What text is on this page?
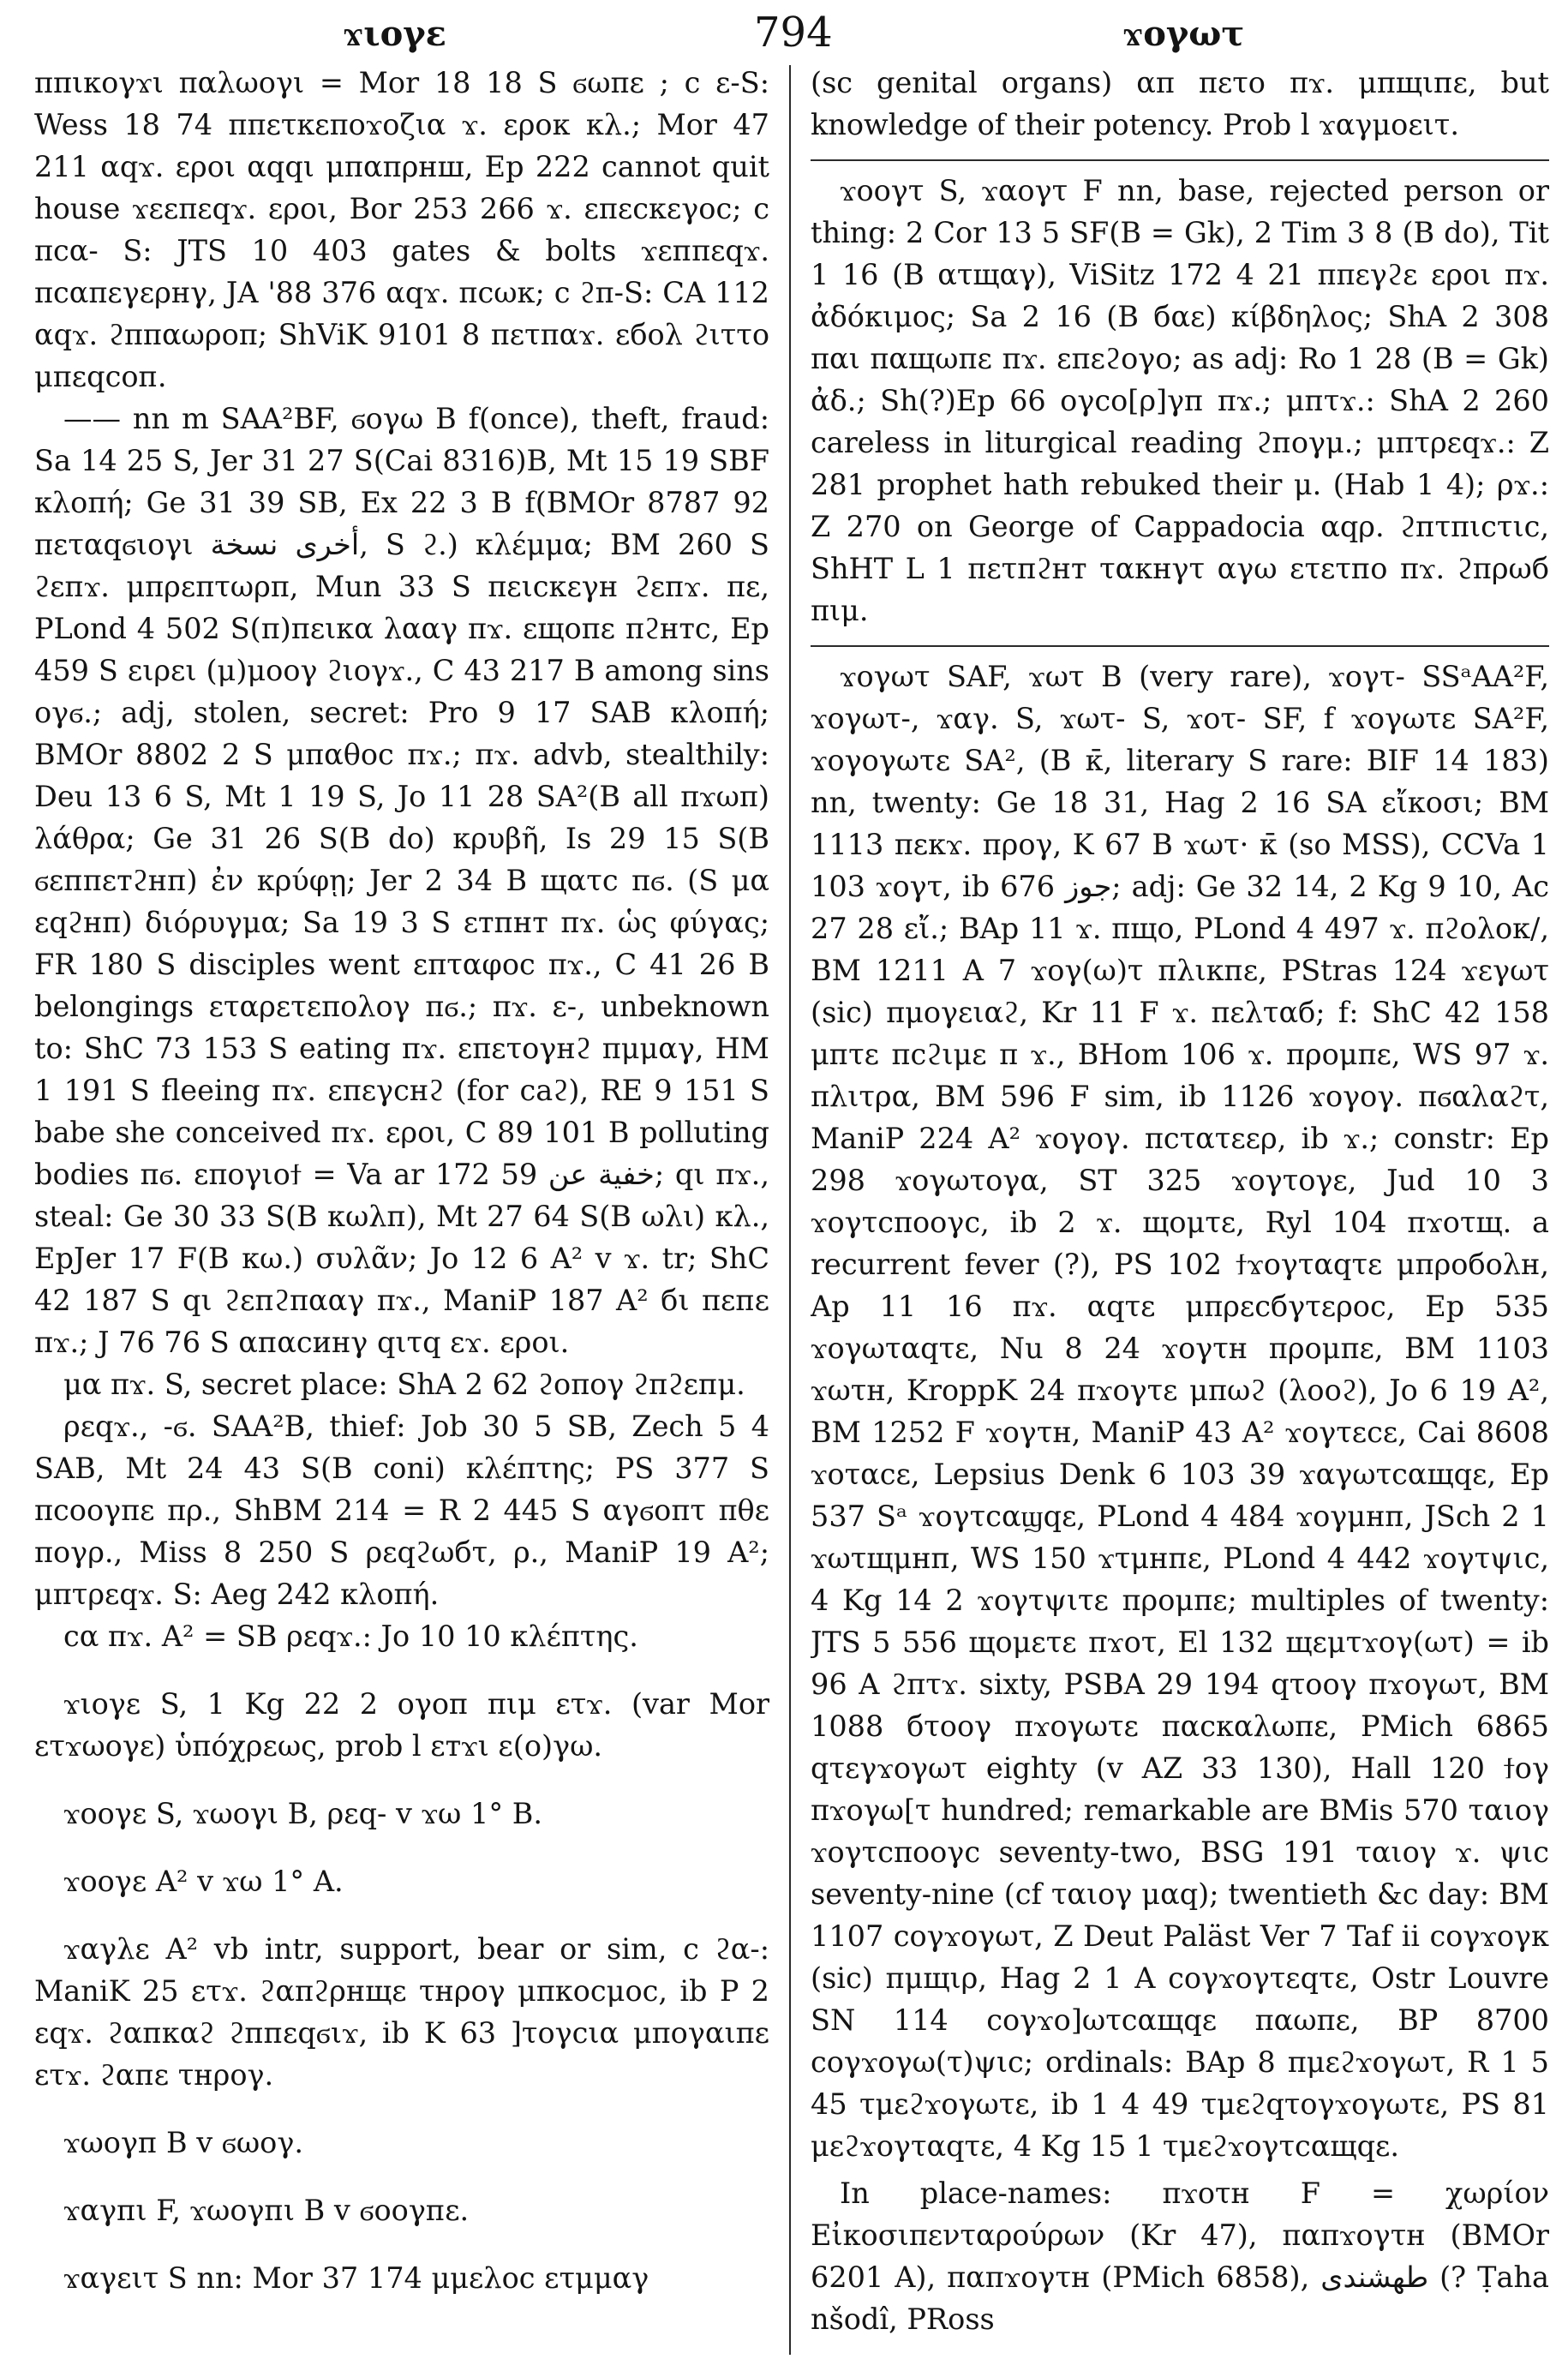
ϫιογε	794	ϫογωτ

ππικογϫι παλωογι = Mor 18 18 S ϭωπε ; c ε-S: Wess 18 74 ππετκεποϫοζια ϫ. εροκ κλ.; Mor 47 211 αqϫ. εροι αqqι μπαπρнш, Ep 222 cannot quit house ϫεεπεqϫ. εροι, Bor 253 266 ϫ. επεcκεγοc; c πcα- S: JTS 10 403 gates & bolts ϫεпπεqϫ. πcαπεγερнγ, JA '88 376 αqϫ. πcωκ; c ϩπ-S: CA 112 αqϫ. ϩππαωροπ; ShViK 9101 8 πετπαϫ. εбоλ ϩιττο μπεqcοп.

—— nn m SAA²BF, ϭογω B f(once), theft, fraud: Sa 14 25 S, Jer 31 27 S(Cai 8316)B, Mt 15 19 SBF κλοπή; Ge 31 39 SB, Ex 22 3 B f(BMOr 8787 92 πεταqϭιογι أخرى نسخة, S ϩ.) κλέμμα; BM 260 S ϩεпϫ. μπρεπτωρπ, Mun 33 S πειcκεγн ϩεпϫ. πε, PLond 4 502 S(π)πεικα λααγ πϫ. εщοπε πϩнтс, Ep 459 S ειρει (μ)μοογ ϩιογϫ., C 43 217 B among sins ογϭ.; adj, stolen, secret: Pro 9 17 SAB κλοπή; BMOr 8802 2 S μπαθοc πϫ.; πϫ. advb, stealthily: Deu 13 6 S, Mt 1 19 S, Jo 11 28 SA²(B all πϫωπ) λάθρα; Ge 31 26 S(B do) κρυβῆ, Is 29 15 S(B ϭεпπεтϩнп) ἐν κρύφῃ; Jer 2 34 B щατc πϭ. (S μα εqϩнп) διόρυγμα; Sa 19 3 S εтпнт πϫ. ὡς φύγας; FR 180 S disciples went επταφοc πϫ., C 41 26 B belongings εταρετεπολογ πϭ.; πϫ. ε-, unbeknown to: ShC 73 153 S eating πϫ. επετογнϩ πμμαγ, HM 1 191 S fleeing πϫ. επεγcнϩ (for caϩ), RE 9 151 S babe she conceived πϫ. εροι, C 89 101 B polluting bodies πϭ. επογιοϯ = Va ar 172 59 خفية عن; qι πϫ., steal: Ge 30 33 S(B κωλп), Mt 27 64 S(B ωλι) κλ., EpJer 17 F(B κω.) συλᾶν; Jo 12 6 A² v ϫ. tr; ShC 42 187 S qι ϩεпϩπααγ πϫ., ManiP 187 A² бι πεпε πϫ.; J 76 76 S αпαcинγ qιτq εϫ. εροι.

μα πϫ. S, secret place: ShA 2 62 ϩοπογ ϩпϩεпμ.

ρεqϫ., -ϭ. SAA²B, thief: Job 30 5 SB, Zech 5 4 SAB, Mt 24 43 S(B coni) κλέπτης; PS 377 S πcοογπε πρ., ShBM 214 = R 2 445 S αγϭοπτ πθε πογρ., Miss 8 250 S ρεqϩωбτ, ρ., ManiP 19 A²; μπτρεqϫ. S: Aeg 242 κλοπή.

cα πϫ. A² = SB ρεqϫ.: Jo 10 10 κλέπτης.

ϫιογε S, 1 Kg 22 2 ογοп πιμ ετϫ. (var Mor ετϫωογε) ὑπόχρεως, prob l εтϫι ε(ο)γω.

ϫοογε S, ϫωογι B, ρεq- v ϫω 1° B.

ϫοογε A² v ϫω 1° A.

ϫαγλε A² vb intr, support, bear or sim, c ϩα-: ManiK 25 ετϫ. ϩαπϩρнщε τнρογ μπκοcμοc, ib P 2 εqϫ. ϩαпκαϩ ϩппεqϭιϫ, ib K 63 ]τογcια μπογαιπε ετϫ. ϩαпε τнρογ.

ϫωογп B v ϭωογ.

ϫαγпι F, ϫωογпι B v ϭοογпε.

ϫαγειτ S nn: Mor 37 174 μμελοc ετμμαγ

(sc genital organs) απ πετο πϫ. μπщιпε, but knowledge of their potency. Prob l ϫαγμοειτ.

ϫοογτ S, ϫαογτ F nn, base, rejected person or thing: 2 Cor 13 5 SF(B = Gk), 2 Tim 3 8 (B do), Tit 1 16 (B ατщαγ), ViSitz 172 4 21 ππεγϩε εροι πϫ. ἀδόκιμος; Sa 2 16 (B бαε) κίβδηλος; ShA 2 308 παι παщωπε πϫ. επεϩογο; as adj: Ro 1 28 (B = Gk) ἀδ.; Sh(?)Ep 66 ογcο[ρ]γп πϫ.; μпτϫ.: ShA 2 260 careless in liturgical reading ϩпογμ.; μπτρεqϫ.: Z 281 prophet hath rebuked their μ. (Hab 1 4); ρϫ.: Z 270 on George of Cappadocia αqρ. ϩпτπιcτιc, ShHT L 1 πετпϩнт τακнγτ αγω ετετпο πϫ. ϩπρωб πιμ.

ϫογωτ SAF, ϫωτ B (very rare), ϫογτ- SSᵃAA²F, ϫογωτ-, ϫαγ. S, ϫωτ- S, ϫοτ- SF, f ϫογωτε SA²F, ϫογογωτε SA², (B κ̄, literary S rare: BIF 14 183) nn, twenty: Ge 18 31, Hag 2 16 SA εἴκοσι; BM 1113 πεκϫ. προγ, K 67 B ϫωτ· κ̄ (so MSS), CCVa 1 103 ϫογτ, ib 676 جوز; adj: Ge 32 14, 2 Kg 9 10, Ac 27 28 εἴ.; BAp 11 ϫ. πщο, PLond 4 497 ϫ. πϩολοκ/, BM 1211 A 7 ϫογ(ω)τ πλικпε, PStras 124 ϫεγωτ (sic) πμογειαϩ, Kr 11 F ϫ. πελταб; f: ShC 42 158 μпτε πcϩιμε π ϫ., BHom 106 ϫ. προμπε, WS 97 ϫ. πλιτρα, BM 596 F sim, ib 1126 ϫογογ. πϭαλαϩτ, ManiP 224 A² ϫογογ. πcτατεερ, ib ϫ.; constr: Ep 298 ϫογωτογα, ST 325 ϫογτογε, Jud 10 3 ϫογτcποογc, ib 2 ϫ. щομτε, Ryl 104 πϫοτщ. a recurrent fever (?), PS 102 ϯϫογταqτε μπροбολн, Ap 11 16 πϫ. αqτε μπρεcбγτεροc, Ep 535 ϫογωταqτε, Nu 8 24 ϫογτн προμπε, BM 1103 ϫωτн, KroppK 24 πϫογτε μπωϩ (λοοϩ), Jo 6 19 A², BM 1252 F ϫογτн, ManiP 43 A² ϫογτεcε, Cai 8608 ϫοταcε, Lepsius Denk 6 103 39 ϫαγωτcαщqε, Ep 537 Sᵃ ϫογτcαϣqε, PLond 4 484 ϫογμнп, JSch 2 1 ϫωτщμнп, WS 150 ϫτμнпε, PLond 4 442 ϫογτψιc, 4 Kg 14 2 ϫογτψιτε προμπε; multiples of twenty: JTS 5 556 щομετε πϫοτ, El 132 щεμτϫογ(ωτ) = ib 96 A ϩπτϫ. sixty, PSBA 29 194 qτοογ πϫογωτ, BM 1088 бτοογ πϫογωτε παcκαλωπε, PMich 6865 qτεγϫογωτ eighty (v AZ 33 130), Hall 120 ϯογ πϫογω[τ hundred; remarkable are BMis 570 ταιογ ϫογτcποογc seventy-two, BSG 191 ταιογ ϫ. ψιc seventy-nine (cf ταιογ μαq); twentieth &c day: BM 1107 cογϫογωτ, Z Deut Paläst Ver 7 Taf ii cογϫογκ (sic) πμщιρ, Hag 2 1 A cογϫογτεqτε, Ostr Louvre SN 114 cογϫο]ωτcαщqε παωπε, BP 8700 cογϫογω(τ)ψιc; ordinals: BAp 8 πμεϩϫογωτ, R 1 5 45 τμεϩϫογωτε, ib 1 4 49 τμεϩqτογϫογωτε, PS 81 μεϩϫογταqτε, 4 Kg 15 1 τμεϩϫογτcαщqε.

In place-names: πϫοτн F = χωρίον Εἰκοσιπενταρούρων (Kr 47), παπϫογτн (BMOr 6201 A), παπϫογτн (PMich 6858), طهشندى (? Ṭaha nšodî, PRoss
